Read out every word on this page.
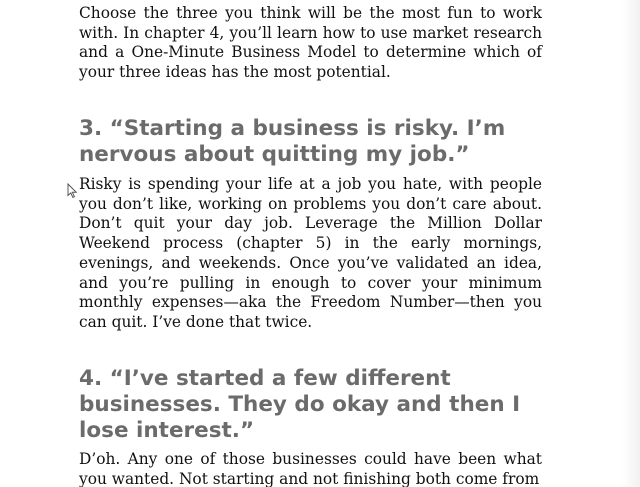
Choose the three you think will be the most fun to work with. In chapter 4, you’ll learn how to use market research and a One-Minute Business Model to determine which of your three ideas has the most potential.

3. “Starting a business is risky. I’m nervous about quitting my job.”

Risky is spending your life at a job you hate, with people you don’t like, working on problems you don’t care about. Don’t quit your day job. Leverage the Million Dollar Weekend process (chapter 5) in the early mornings, evenings, and weekends. Once you’ve validated an idea, and you’re pulling in enough to cover your minimum monthly expenses—aka the Freedom Number—then you can quit. I’ve done that twice.

4. “I’ve started a few different businesses. They do okay and then I lose interest.”

D’oh. Any one of those businesses could have been what you wanted. Not starting and not finishing both come from
